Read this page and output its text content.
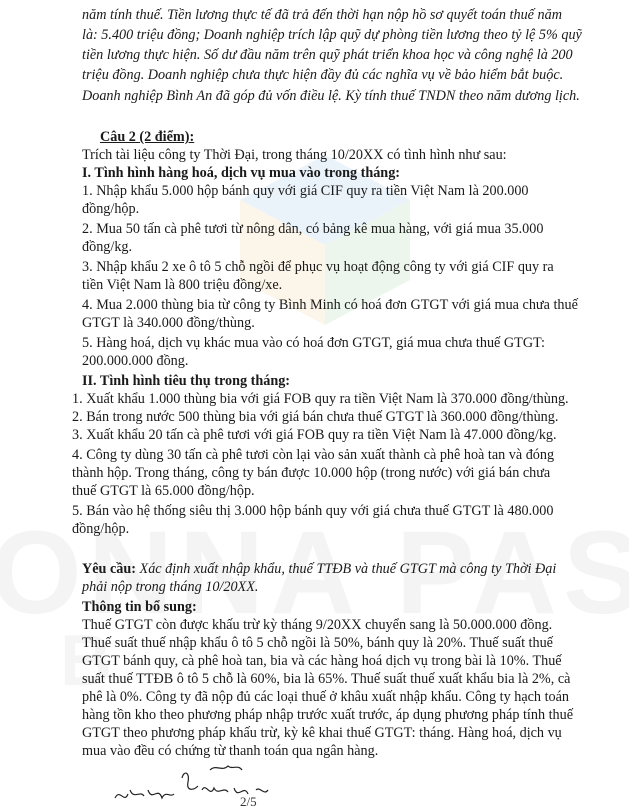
năm tính thuế. Tiền lương thực tế đã trả đến thời hạn nộp hồ sơ quyết toán thuế năm
là: 5.400 triệu đồng; Doanh nghiệp trích lập quỹ dự phòng tiền lương theo tỷ lệ 5% quỹ
tiền lương thực hiện. Số dư đầu năm trên quỹ phát triển khoa học và công nghệ là 200
triệu đồng. Doanh nghiệp chưa thực hiện đầy đủ các nghĩa vụ về bảo hiểm bắt buộc.
Doanh nghiệp Bình An đã góp đủ vốn điều lệ. Kỳ tính thuế TNDN theo năm dương lịch.
Câu 2 (2 điểm):
Trích tài liệu công ty Thời Đại, trong tháng 10/20XX có tình hình như sau:
I. Tình hình hàng hoá, dịch vụ mua vào trong tháng:
1. Nhập khẩu 5.000 hộp bánh quy với giá CIF quy ra tiền Việt Nam là 200.000
đồng/hộp.
2. Mua 50 tấn cà phê tươi từ nông dân, có bảng kê mua hàng, với giá mua 35.000
đồng/kg.
3. Nhập khẩu 2 xe ô tô 5 chỗ ngồi để phục vụ hoạt động công ty với giá CIF quy ra
tiền Việt Nam là 800 triệu đồng/xe.
4. Mua 2.000 thùng bia từ công ty Bình Minh có hoá đơn GTGT với giá mua chưa thuế
GTGT là 340.000 đồng/thùng.
5. Hàng hoá, dịch vụ khác mua vào có hoá đơn GTGT, giá mua chưa thuế GTGT:
200.000.000 đồng.
II. Tình hình tiêu thụ trong tháng:
1. Xuất khẩu 1.000 thùng bia với giá FOB quy ra tiền Việt Nam là 370.000 đồng/thùng.
2. Bán trong nước 500 thùng bia với giá bán chưa thuế GTGT là 360.000 đồng/thùng.
3. Xuất khẩu 20 tấn cà phê tươi với giá FOB quy ra tiền Việt Nam là 47.000 đồng/kg.
4. Công ty dùng 30 tấn cà phê tươi còn lại vào sản xuất thành cà phê hoà tan và đóng
thành hộp. Trong tháng, công ty bán được 10.000 hộp (trong nước) với giá bán chưa
thuế GTGT là 65.000 đồng/hộp.
5. Bán vào hệ thống siêu thị 3.000 hộp bánh quy với giá chưa thuế GTGT là 480.000
đồng/hộp.
Yêu cầu: Xác định xuất nhập khẩu, thuế TTĐB và thuế GTGT mà công ty Thời Đại
phải nộp trong tháng 10/20XX.
Thông tin bổ sung:
Thuế GTGT còn được khấu trừ kỳ tháng 9/20XX chuyển sang là 50.000.000 đồng.
Thuế suất thuế nhập khẩu ô tô 5 chỗ ngồi là 50%, bánh quy là 20%. Thuế suất thuế
GTGT bánh quy, cà phê hoà tan, bia và các hàng hoá dịch vụ trong bài là 10%. Thuế
suất thuế TTĐB ô tô 5 chỗ là 60%, bia là 65%. Thuế suất thuế xuất khẩu bia là 2%, cà
phê là 0%. Công ty đã nộp đủ các loại thuế ở khâu xuất nhập khẩu. Công ty hạch toán
hàng tồn kho theo phương pháp nhập trước xuất trước, áp dụng phương pháp tính thuế
GTGT theo phương pháp khấu trừ, kỳ kê khai thuế GTGT: tháng. Hàng hoá, dịch vụ
mua vào đều có chứng từ thanh toán qua ngân hàng.
2/5
